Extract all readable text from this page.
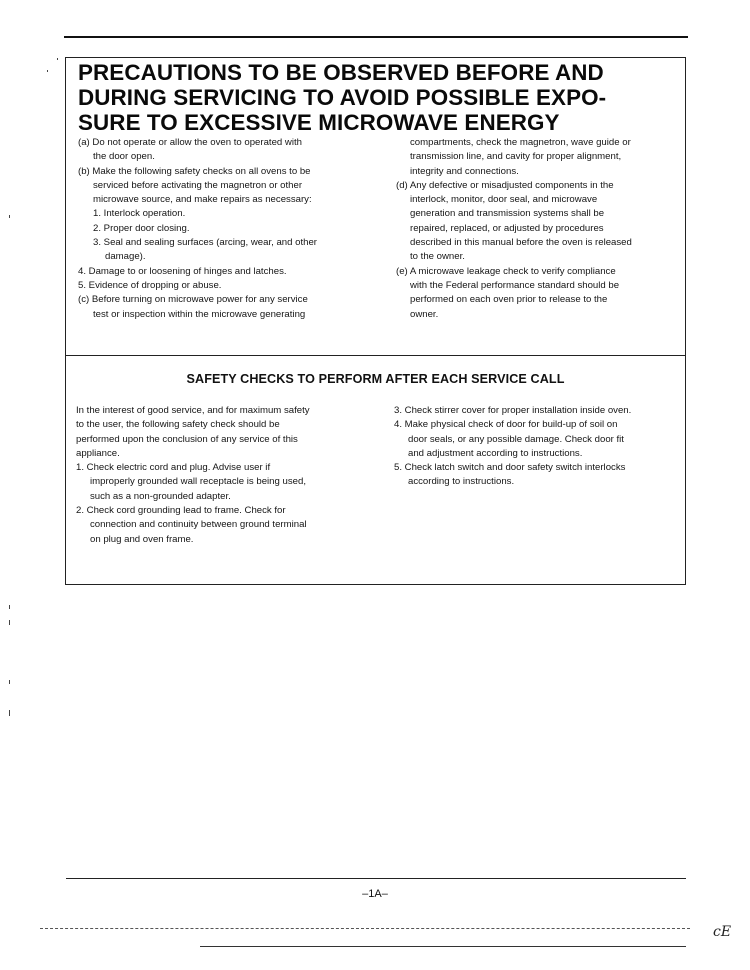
PRECAUTIONS TO BE OBSERVED BEFORE AND
DURING SERVICING TO AVOID POSSIBLE EXPO-
SURE TO EXCESSIVE MICROWAVE ENERGY
(a) Do not operate or allow the oven to operated with
the door open.
(b) Make the following safety checks on all ovens to be
serviced before activating the magnetron or other
microwave source, and make repairs as necessary:
1. Interlock operation.
2. Proper door closing.
3. Seal and sealing surfaces (arcing, wear, and other
damage).
4. Damage to or loosening of hinges and latches.
5. Evidence of dropping or abuse.
(c) Before turning on microwave power for any service
test or inspection within the microwave generating
compartments, check the magnetron, wave guide or
transmission line, and cavity for proper alignment,
integrity and connections.
(d) Any defective or misadjusted components in the
interlock, monitor, door seal, and microwave
generation and transmission systems shall be
repaired, replaced, or adjusted by procedures
described in this manual before the oven is released
to the owner.
(e) A microwave leakage check to verify compliance
with the Federal performance standard should be
performed on each oven prior to release to the
owner.
SAFETY CHECKS TO PERFORM AFTER EACH SERVICE CALL
In the interest of good service, and for maximum safety
to the user, the following safety check should be
performed upon the conclusion of any service of this
appliance.
1. Check electric cord and plug. Advise user if
improperly grounded wall receptacle is being used,
such as a non-grounded adapter.
2. Check cord grounding lead to frame. Check for
connection and continuity between ground terminal
on plug and oven frame.
3. Check stirrer cover for proper installation inside oven.
4. Make physical check of door for build-up of soil on
door seals, or any possible damage. Check door fit
and adjustment according to instructions.
5. Check latch switch and door safety switch interlocks
according to instructions.
–1A–
cE
